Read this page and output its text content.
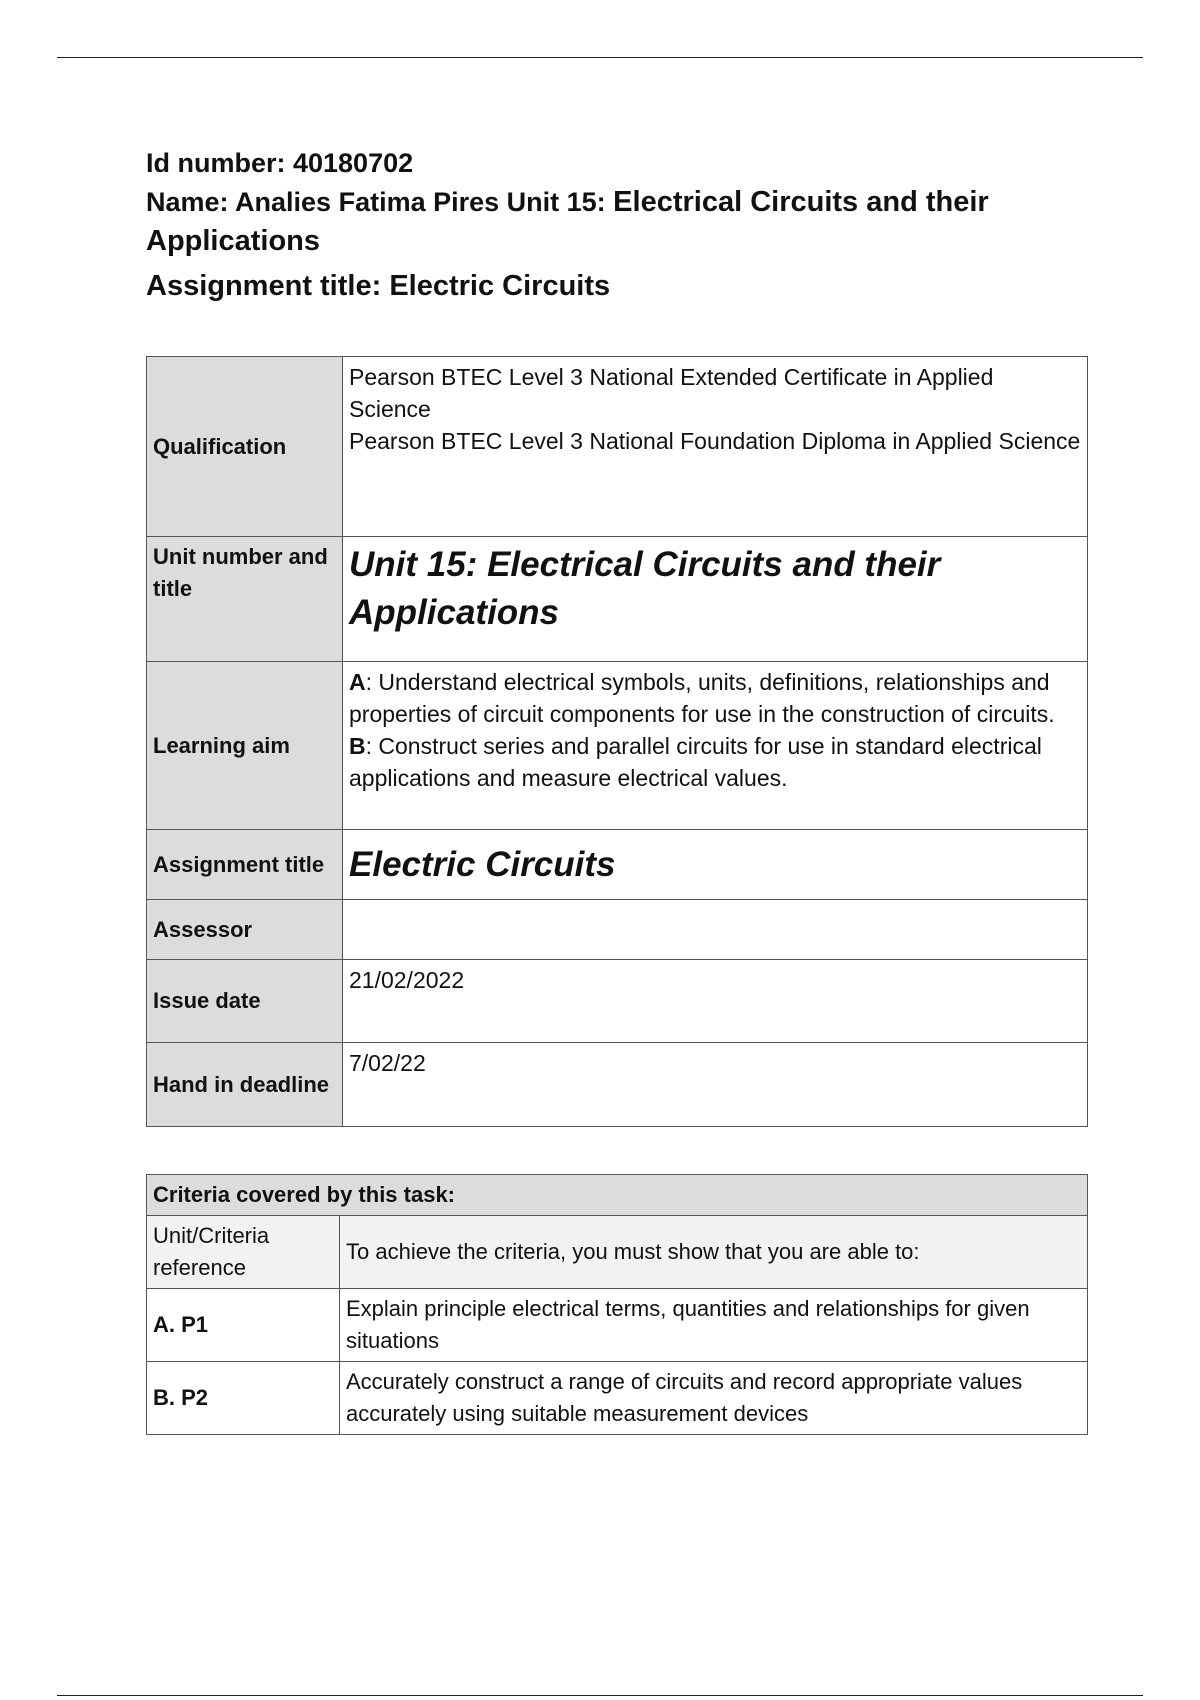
Id number: 40180702
Name: Analies Fatima Pires Unit 15: Electrical Circuits and their
Applications
Assignment title: Electric Circuits
Qualification	Pearson BTEC Level 3 National Extended Certificate in Applied Science
Pearson BTEC Level 3 National Foundation Diploma in Applied Science

Unit number and title	Unit 15: Electrical Circuits and their Applications

Learning aim	A: Understand electrical symbols, units, definitions, relationships and properties of circuit components for use in the construction of circuits.
B: Construct series and parallel circuits for use in standard electrical applications and measure electrical values.

Assignment title	Electric Circuits

Assessor	
Issue date	21/02/2022
Hand in deadline	7/02/22
Criteria covered by this task:	
Unit/Criteria reference	To achieve the criteria, you must show that you are able to:
A. P1	Explain principle electrical terms, quantities and relationships for given situations
B. P2	Accurately construct a range of circuits and record appropriate values accurately using suitable measurement devices
